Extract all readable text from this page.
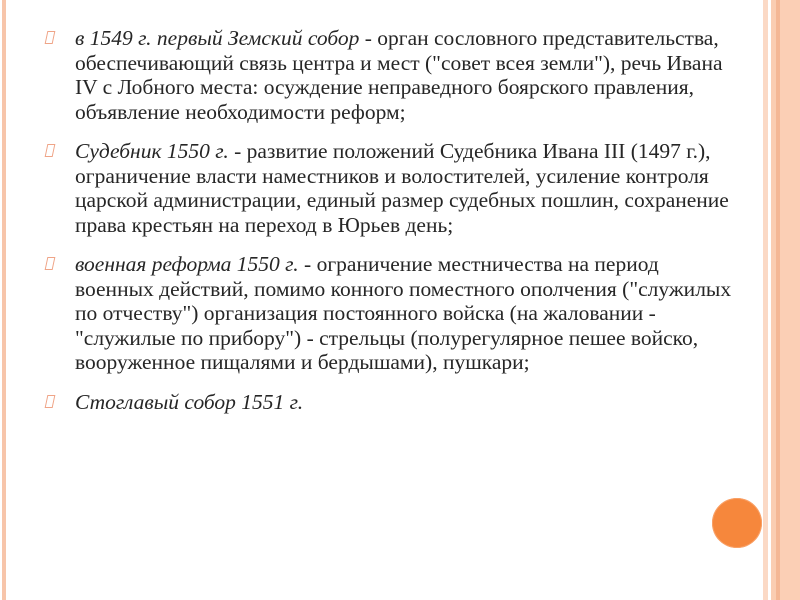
в 1549 г. первый Земский собор - орган сословного представительства, обеспечивающий связь центра и мест ("совет всея земли"), речь Ивана IV с Лобного места: осуждение неправедного боярского правления, объявление необходимости реформ;
Судебник 1550 г. - развитие положений Судебника Ивана III (1497 г.), ограничение власти наместников и волостителей, усиление контроля царской администрации, единый размер судебных пошлин, сохранение права крестьян на переход в Юрьев день;
военная реформа 1550 г. - ограничение местничества на период военных действий, помимо конного поместного ополчения ("служилых по отчеству") организация постоянного войска (на жаловании - "служилые по прибору") - стрельцы (полурегулярное пешее войско, вооруженное пищалями и бердышами), пушкари;
Стоглавый собор 1551 г.
